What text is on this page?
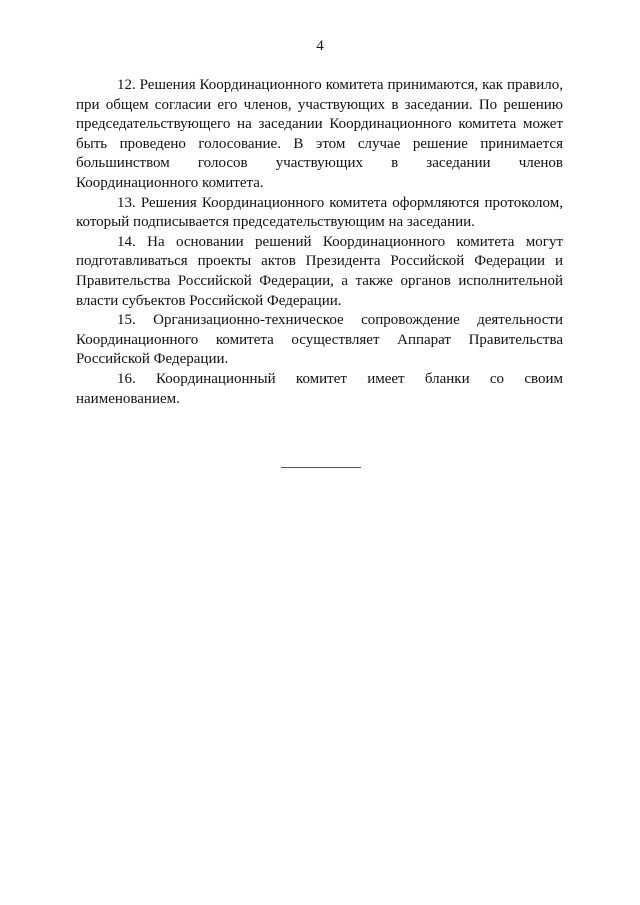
4

12. Решения Координационного комитета принимаются, как правило, при общем согласии его членов, участвующих в заседании. По решению председательствующего на заседании Координационного комитета может быть проведено голосование. В этом случае решение принимается большинством голосов участвующих в заседании членов Координационного комитета.

13. Решения Координационного комитета оформляются протоколом, который подписывается председательствующим на заседании.

14. На основании решений Координационного комитета могут подготавливаться проекты актов Президента Российской Федерации и Правительства Российской Федерации, а также органов исполнительной власти субъектов Российской Федерации.

15. Организационно-техническое сопровождение деятельности Координационного комитета осуществляет Аппарат Правительства Российской Федерации.

16. Координационный комитет имеет бланки со своим наименованием.
